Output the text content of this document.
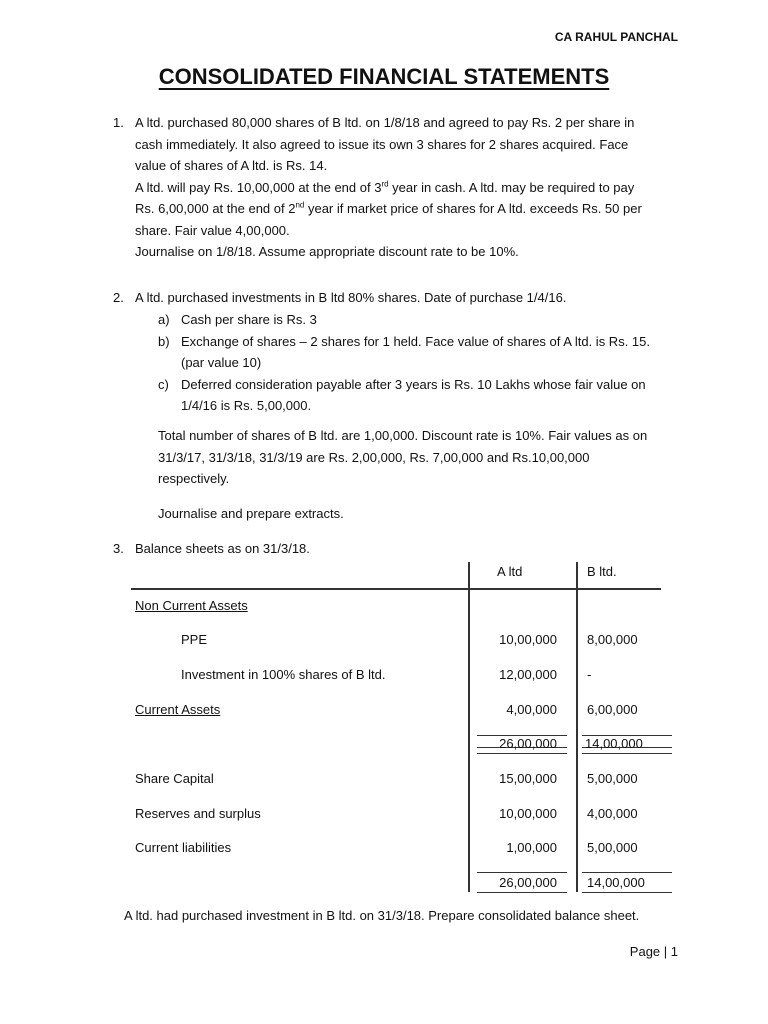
CA RAHUL PANCHAL
CONSOLIDATED FINANCIAL STATEMENTS
1. A ltd. purchased 80,000 shares of B ltd. on 1/8/18 and agreed to pay Rs. 2 per share in
cash immediately. It also agreed to issue its own 3 shares for 2 shares acquired. Face
value of shares of A ltd. is Rs. 14.
A ltd. will pay Rs. 10,00,000 at the end of 3rd year in cash. A ltd. may be required to pay
Rs. 6,00,000 at the end of 2nd year if market price of shares for A ltd. exceeds Rs. 50 per
share. Fair value 4,00,000.
Journalise on 1/8/18. Assume appropriate discount rate to be 10%.
2. A ltd. purchased investments in B ltd 80% shares. Date of purchase 1/4/16.
a) Cash per share is Rs. 3
b) Exchange of shares – 2 shares for 1 held. Face value of shares of A ltd. is Rs. 15.
(par value 10)
c) Deferred consideration payable after 3 years is Rs. 10 Lakhs whose fair value on
1/4/16 is Rs. 5,00,000.
Total number of shares of B ltd. are 1,00,000. Discount rate is 10%. Fair values as on
31/3/17, 31/3/18, 31/3/19 are Rs. 2,00,000, Rs. 7,00,000 and Rs.10,00,000
respectively.
Journalise and prepare extracts.
3. Balance sheets as on 31/3/18.
A ltd	B ltd.
Non Current Assets
PPE	10,00,000 8,00,000
Investment in 100% shares of B ltd.	12,00,000 -
Current Assets	4,00,000 6,00,000
26,00,000 14,00,000
Share Capital	15,00,000 5,00,000
Reserves and surplus	10,00,000 4,00,000
Current liabilities	1,00,000 5,00,000
26,00,000 14,00,000
A ltd. had purchased investment in B ltd. on 31/3/18. Prepare consolidated balance sheet.
Page | 1
